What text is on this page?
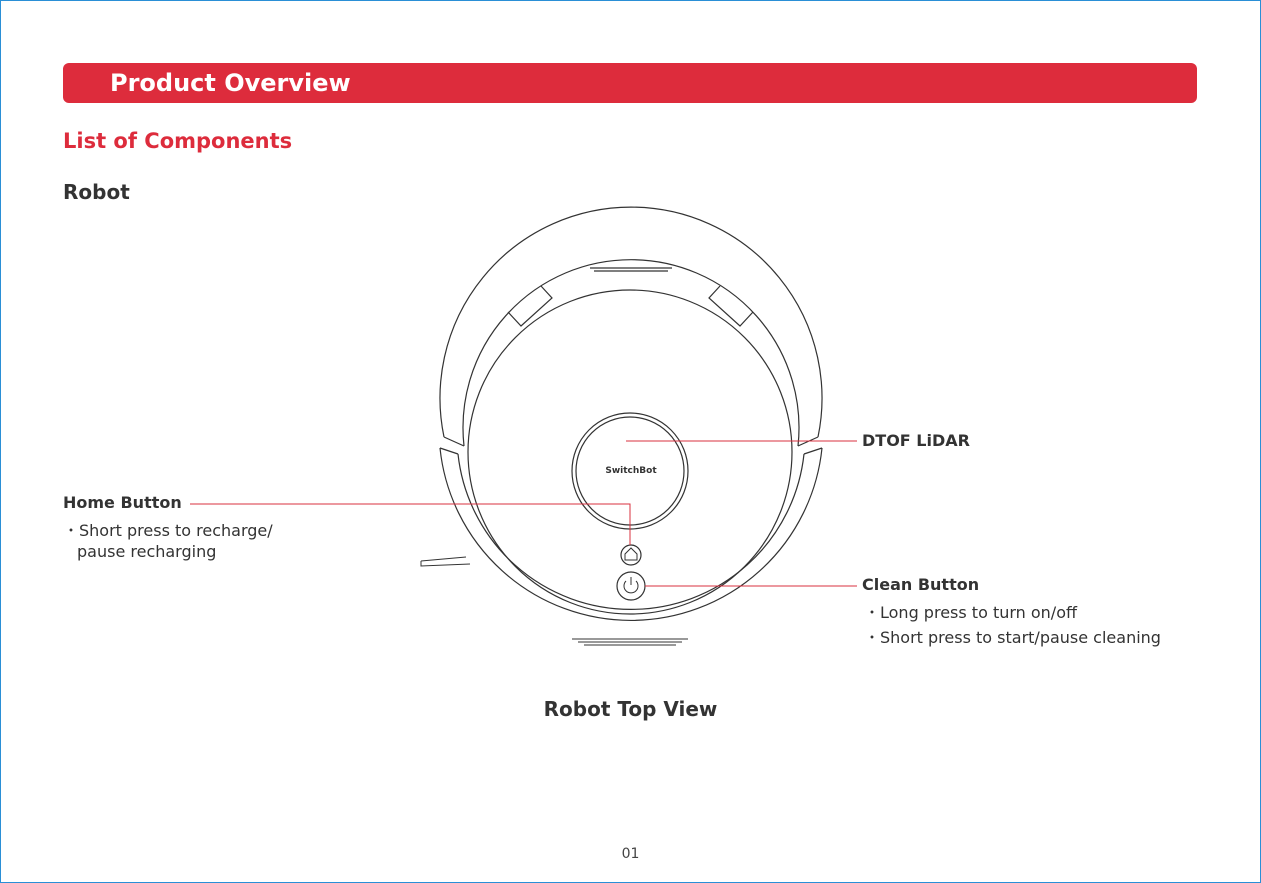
Product Overview
List of Components
Robot
SwitchBot
DTOF LiDAR
Home Button
・Short press to recharge/
pause recharging
Clean Button
・Long press to turn on/off
・Short press to start/pause cleaning
Robot Top View
01
